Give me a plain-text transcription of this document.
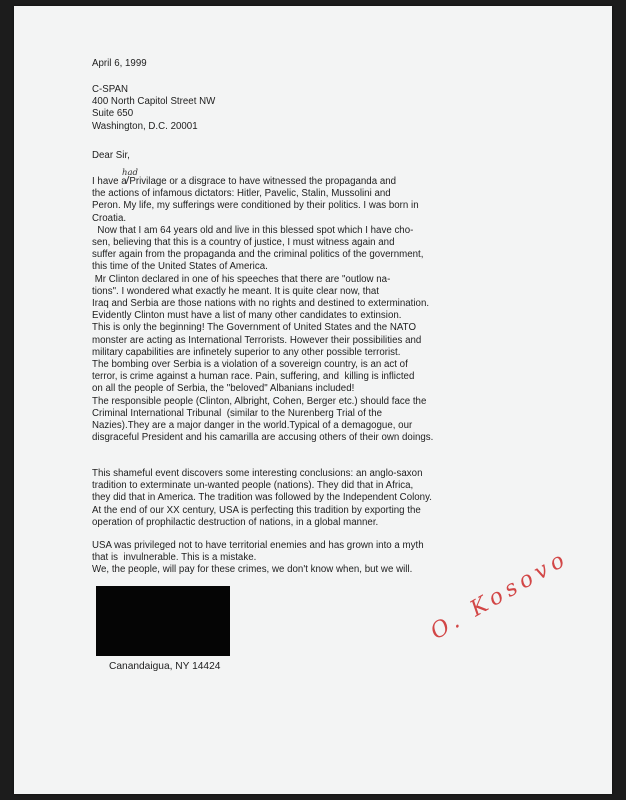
April 6, 1999
C-SPAN
400 North Capitol Street NW
Suite 650
Washington, D.C. 20001
Dear Sir,
I have a Privilage or a disgrace to have witnessed the propaganda and
the actions of infamous dictators: Hitler, Pavelic, Stalin, Mussolini and
Peron. My life, my sufferings were conditioned by their politics. I was born in
Croatia.
Now that I am 64 years old and live in this blessed spot which I have cho-
sen, believing that this is a country of justice, I must witness again and
suffer again from the propaganda and the criminal politics of the government,
this time of the United States of America.
Mr Clinton declared in one of his speeches that there are "outlow na-
tions". I wondered what exactly he meant. It is quite clear now, that
Iraq and Serbia are those nations with no rights and destined to extermination.
Evidently Clinton must have a list of many other candidates to extinsion.
This is only the beginning! The Government of United States and the NATO
monster are acting as International Terrorists. However their possibilities and
military capabilities are infinetely superior to any other possible terrorist.
The bombing over Serbia is a violation of a sovereign country, is an act of
terror, is crime against a human race. Pain, suffering, and  killing is inflicted
on all the people of Serbia, the "beloved" Albanians included!
The responsible people (Clinton, Albright, Cohen, Berger etc.) should face the
Criminal International Tribunal  (similar to the Nurenberg Trial of the
Nazies).They are a major danger in the world.Typical of a demagogue, our
disgraceful President and his camarilla are accusing others of their own doings.
This shameful event discovers some interesting conclusions: an anglo-saxon
tradition to exterminate un-wanted people (nations). They did that in Africa,
they did that in America. The tradition was followed by the Independent Colony.
At the end of our XX century, USA is perfecting this tradition by exporting the
operation of prophilactic destruction of nations, in a global manner.
USA was privileged not to have territorial enemies and has grown into a myth
that is  invulnerable. This is a mistake.
We, the people, will pay for these crimes, we don't know when, but we will.
had
Canandaigua, NY 14424
O. Kosovo
